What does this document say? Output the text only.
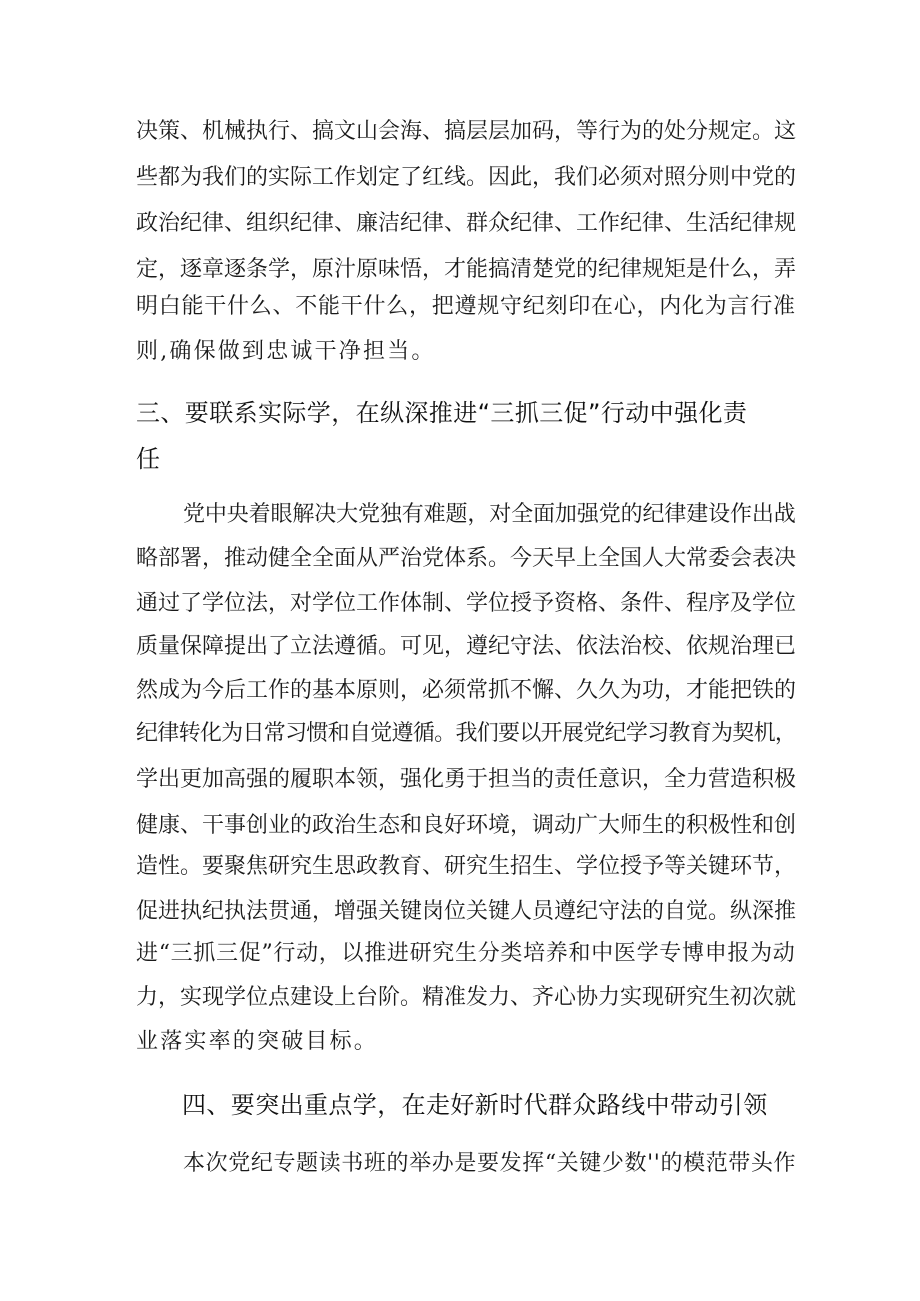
决策、机械执行、搞文山会海、搞层层加码，等行为的处分规定。这
些都为我们的实际工作划定了红线。因此，我们必须对照分则中党的
政治纪律、组织纪律、廉洁纪律、群众纪律、工作纪律、生活纪律规
定，逐章逐条学，原汁原味悟，才能搞清楚党的纪律规矩是什么，弄
明白能干什么、不能干什么，把遵规守纪刻印在心，内化为言行准
则,确保做到忠诚干净担当。
三、要联系实际学，在纵深推进“三抓三促”行动中强化责
任
党中央着眼解决大党独有难题，对全面加强党的纪律建设作出战
略部署，推动健全全面从严治党体系。今天早上全国人大常委会表决
通过了学位法，对学位工作体制、学位授予资格、条件、程序及学位
质量保障提出了立法遵循。可见，遵纪守法、依法治校、依规治理已
然成为今后工作的基本原则，必须常抓不懈、久久为功，才能把铁的
纪律转化为日常习惯和自觉遵循。我们要以开展党纪学习教育为契机，
学出更加高强的履职本领，强化勇于担当的责任意识，全力营造积极
健康、干事创业的政治生态和良好环境，调动广大师生的积极性和创
造性。要聚焦研究生思政教育、研究生招生、学位授予等关键环节，
促进执纪执法贯通，增强关键岗位关键人员遵纪守法的自觉。纵深推
进“三抓三促”行动，以推进研究生分类培养和中医学专博申报为动
力，实现学位点建设上台阶。精准发力、齐心协力实现研究生初次就
业落实率的突破目标。
四、要突出重点学，在走好新时代群众路线中带动引领
本次党纪专题读书班的举办是要发挥“关键少数''的模范带头作
